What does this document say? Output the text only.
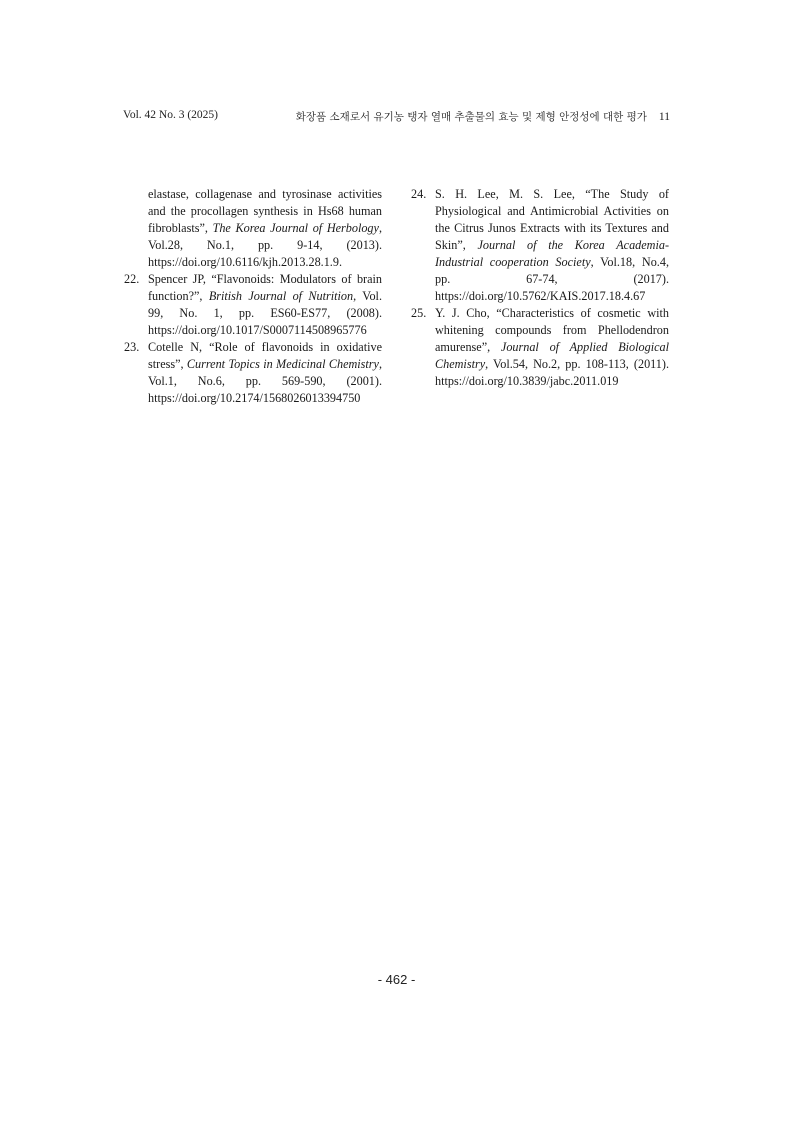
Vol. 42 No. 3 (2025)	화장품 소재로서 유기농 탱자 열매 추출물의 효능 및 제형 안정성에 대한 평가 11

elastase, collagenase and tyrosinase activities and the procollagen synthesis in Hs68 human fibroblasts”, The Korea Journal of Herbology, Vol.28, No.1, pp. 9-14, (2013). https://doi.org/10.6116/kjh.2013.28.1.9.

22. Spencer JP, “Flavonoids: Modulators of brain function?”, British Journal of Nutrition, Vol. 99, No. 1, pp. ES60-ES77, (2008). https://doi.org/10.1017/S0007114508965776

23. Cotelle N, “Role of flavonoids in oxidative stress”, Current Topics in Medicinal Chemistry, Vol.1, No.6, pp. 569-590, (2001). https://doi.org/10.2174/1568026013394750

24. S. H. Lee, M. S. Lee, “The Study of Physiological and Antimicrobial Activities on the Citrus Junos Extracts with its Textures and Skin”, Journal of the Korea Academia-Industrial cooperation Society, Vol.18, No.4, pp. 67-74, (2017). https://doi.org/10.5762/KAIS.2017.18.4.67

25. Y. J. Cho, “Characteristics of cosmetic with whitening compounds from Phellodendron amurense”, Journal of Applied Biological Chemistry, Vol.54, No.2, pp. 108-113, (2011). https://doi.org/10.3839/jabc.2011.019

- 462 -
